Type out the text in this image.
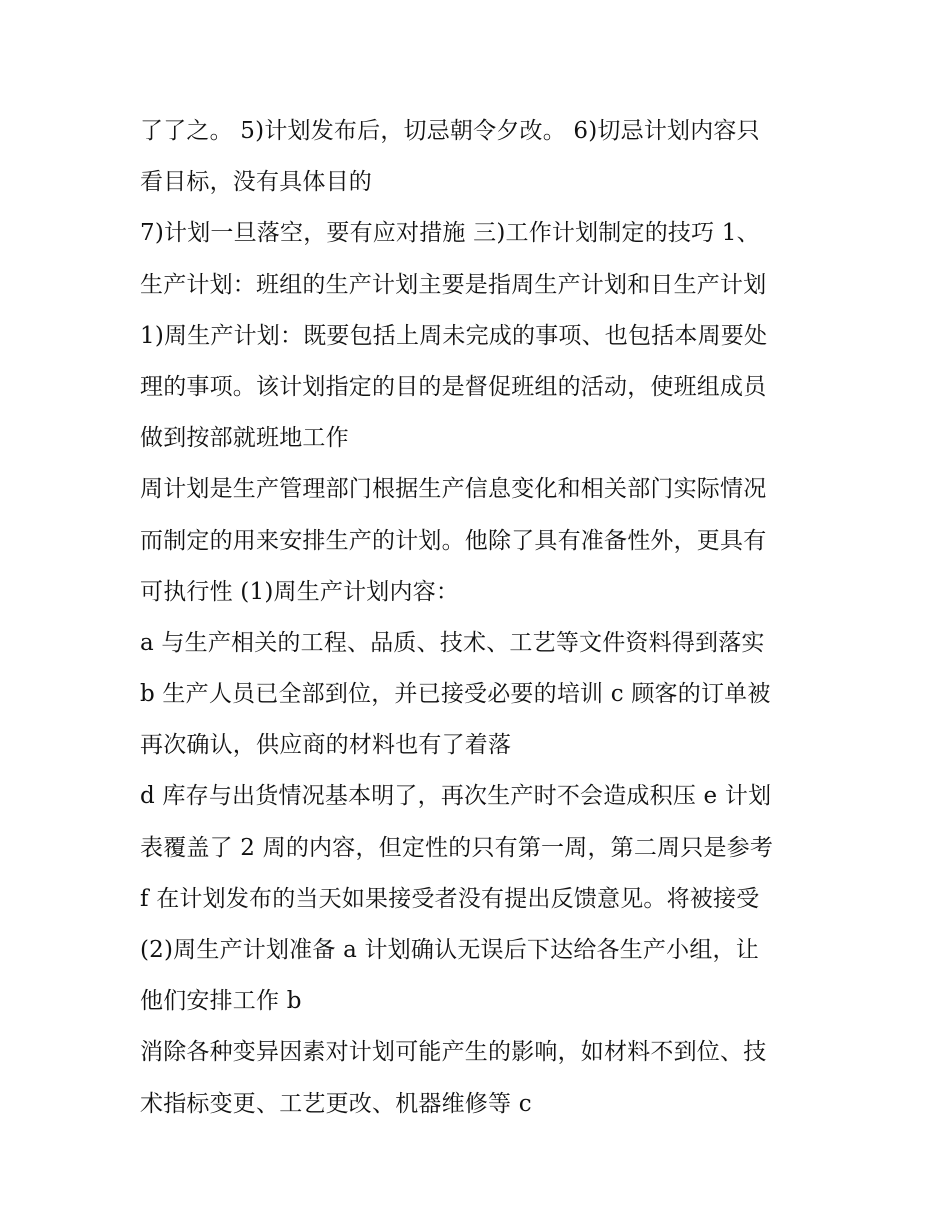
了了之。 5)计划发布后，切忌朝令夕改。 6)切忌计划内容只
看目标，没有具体目的
7)计划一旦落空，要有应对措施 三)工作计划制定的技巧 1、
生产计划：班组的生产计划主要是指周生产计划和日生产计划
1)周生产计划：既要包括上周未完成的事项、也包括本周要处
理的事项。该计划指定的目的是督促班组的活动，使班组成员
做到按部就班地工作
周计划是生产管理部门根据生产信息变化和相关部门实际情况
而制定的用来安排生产的计划。他除了具有准备性外，更具有
可执行性 (1)周生产计划内容：
a 与生产相关的工程、品质、技术、工艺等文件资料得到落实
b 生产人员已全部到位，并已接受必要的培训 c 顾客的订单被
再次确认，供应商的材料也有了着落
d 库存与出货情况基本明了，再次生产时不会造成积压 e 计划
表覆盖了 2 周的内容，但定性的只有第一周，第二周只是参考
f 在计划发布的当天如果接受者没有提出反馈意见。将被接受
(2)周生产计划准备 a 计划确认无误后下达给各生产小组，让
他们安排工作 b
消除各种变异因素对计划可能产生的影响，如材料不到位、技
术指标变更、工艺更改、机器维修等 c
